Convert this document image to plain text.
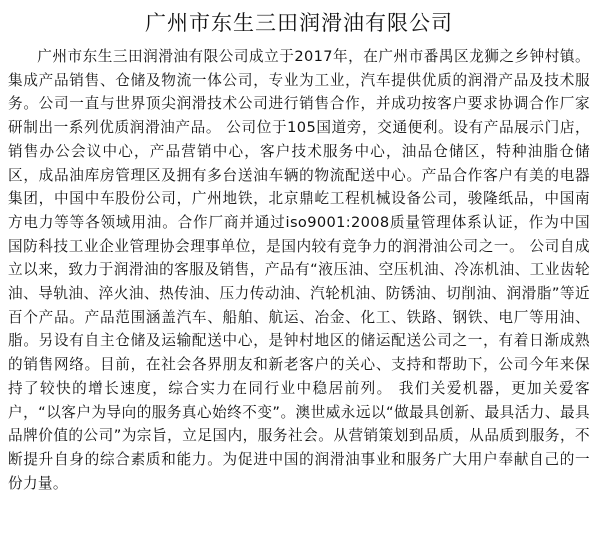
广州市东生三田润滑油有限公司

广州市东生三田润滑油有限公司成立于2017年，在广州市番禺区龙狮之乡钟村镇。集成产品销售、仓储及物流一体公司，专业为工业，汽车提供优质的润滑产品及技术服务。公司一直与世界顶尖润滑技术公司进行销售合作，并成功按客户要求协调合作厂家研制出一系列优质润滑油产品。 公司位于105国道旁，交通便利。设有产品展示门店，销售办公会议中心，产品营销中心，客户技术服务中心，油品仓储区，特种油脂仓储区，成品油库房管理区及拥有多台送油车辆的物流配送中心。产品合作客户有美的电器集团，中国中车股份公司，广州地铁，北京鼎屹工程机械设备公司，骏隆纸品，中国南方电力等等各领域用油。合作厂商并通过iso9001:2008质量管理体系认证，作为中国国防科技工业企业管理协会理事单位，是国内较有竞争力的润滑油公司之一。 公司自成立以来，致力于润滑油的客服及销售，产品有“液压油、空压机油、冷冻机油、工业齿轮油、导轨油、淬火油、热传油、压力传动油、汽轮机油、防锈油、切削油、润滑脂”等近百个产品。产品范围涵盖汽车、船舶、航运、冶金、化工、铁路、钢铁、电厂等用油、脂。另设有自主仓储及运输配送中心，是钟村地区的储运配送公司之一，有着日渐成熟的销售网络。目前，在社会各界朋友和新老客户的关心、支持和帮助下，公司今年来保持了较快的增长速度，综合实力在同行业中稳居前列。 我们关爱机器，更加关爱客户，“以客户为导向的服务真心始终不变”。澳世威永远以“做最具创新、最具活力、最具品牌价值的公司”为宗旨，立足国内，服务社会。从营销策划到品质，从品质到服务，不断提升自身的综合素质和能力。为促进中国的润滑油事业和服务广大用户奉献自己的一份力量。
